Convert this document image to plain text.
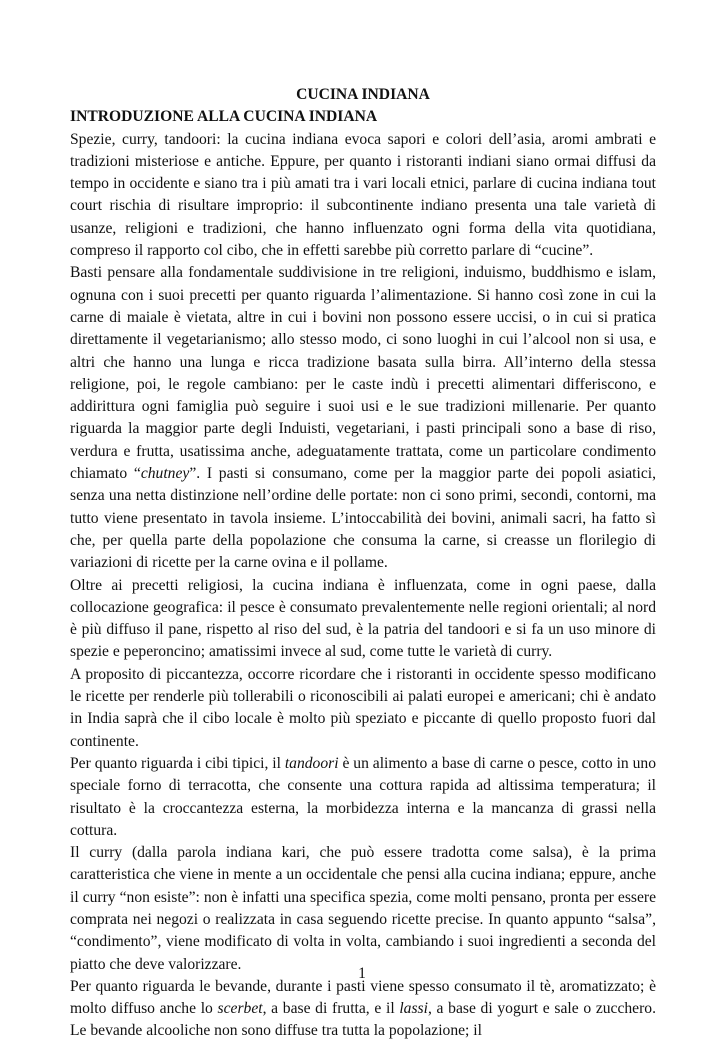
CUCINA INDIANA
INTRODUZIONE ALLA CUCINA INDIANA

Spezie, curry, tandoori: la cucina indiana evoca sapori e colori dell’asia, aromi ambrati e tradizioni misteriose e antiche. Eppure, per quanto i ristoranti indiani siano ormai diffusi da tempo in occidente e siano tra i più amati tra i vari locali etnici, parlare di cucina indiana tout court rischia di risultare improprio: il subcontinente indiano presenta una tale varietà di usanze, religioni e tradizioni, che hanno influenzato ogni forma della vita quotidiana, compreso il rapporto col cibo, che in effetti sarebbe più corretto parlare di “cucine”.

Basti pensare alla fondamentale suddivisione in tre religioni, induismo, buddhismo e islam, ognuna con i suoi precetti per quanto riguarda l’alimentazione. Si hanno così zone in cui la carne di maiale è vietata, altre in cui i bovini non possono essere uccisi, o in cui si pratica direttamente il vegetarianismo; allo stesso modo, ci sono luoghi in cui l’alcool non si usa, e altri che hanno una lunga e ricca tradizione basata sulla birra. All’interno della stessa religione, poi, le regole cambiano: per le caste indù i precetti alimentari differiscono, e addirittura ogni famiglia può seguire i suoi usi e le sue tradizioni millenarie. Per quanto riguarda la maggior parte degli Induisti, vegetariani, i pasti principali sono a base di riso, verdura e frutta, usatissima anche, adeguatamente trattata, come un particolare condimento chiamato “chutney”. I pasti si consumano, come per la maggior parte dei popoli asiatici, senza una netta distinzione nell’ordine delle portate: non ci sono primi, secondi, contorni, ma tutto viene presentato in tavola insieme. L’intoccabilità dei bovini, animali sacri, ha fatto sì che, per quella parte della popolazione che consuma la carne, si creasse un florilegio di variazioni di ricette per la carne ovina e il pollame.

Oltre ai precetti religiosi, la cucina indiana è influenzata, come in ogni paese, dalla collocazione geografica: il pesce è consumato prevalentemente nelle regioni orientali; al nord è più diffuso il pane, rispetto al riso del sud, è la patria del tandoori e si fa un uso minore di spezie e peperoncino; amatissimi invece al sud, come tutte le varietà di curry.

A proposito di piccantezza, occorre ricordare che i ristoranti in occidente spesso modificano le ricette per renderle più tollerabili o riconoscibili ai palati europei e americani; chi è andato in India saprà che il cibo locale è molto più speziato e piccante di quello proposto fuori dal continente.

Per quanto riguarda i cibi tipici, il tandoori è un alimento a base di carne o pesce, cotto in uno speciale forno di terracotta, che consente una cottura rapida ad altissima temperatura; il risultato è la croccantezza esterna, la morbidezza interna e la mancanza di grassi nella cottura.

Il curry (dalla parola indiana kari, che può essere tradotta come salsa), è la prima caratteristica che viene in mente a un occidentale che pensi alla cucina indiana; eppure, anche il curry “non esiste”: non è infatti una specifica spezia, come molti pensano, pronta per essere comprata nei negozi o realizzata in casa seguendo ricette precise. In quanto appunto “salsa”, “condimento”, viene modificato di volta in volta, cambiando i suoi ingredienti a seconda del piatto che deve valorizzare.

Per quanto riguarda le bevande, durante i pasti viene spesso consumato il tè, aromatizzato; è molto diffuso anche lo scerbet, a base di frutta, e il lassi, a base di yogurt e sale o zucchero. Le bevande alcooliche non sono diffuse tra tutta la popolazione; il

1
